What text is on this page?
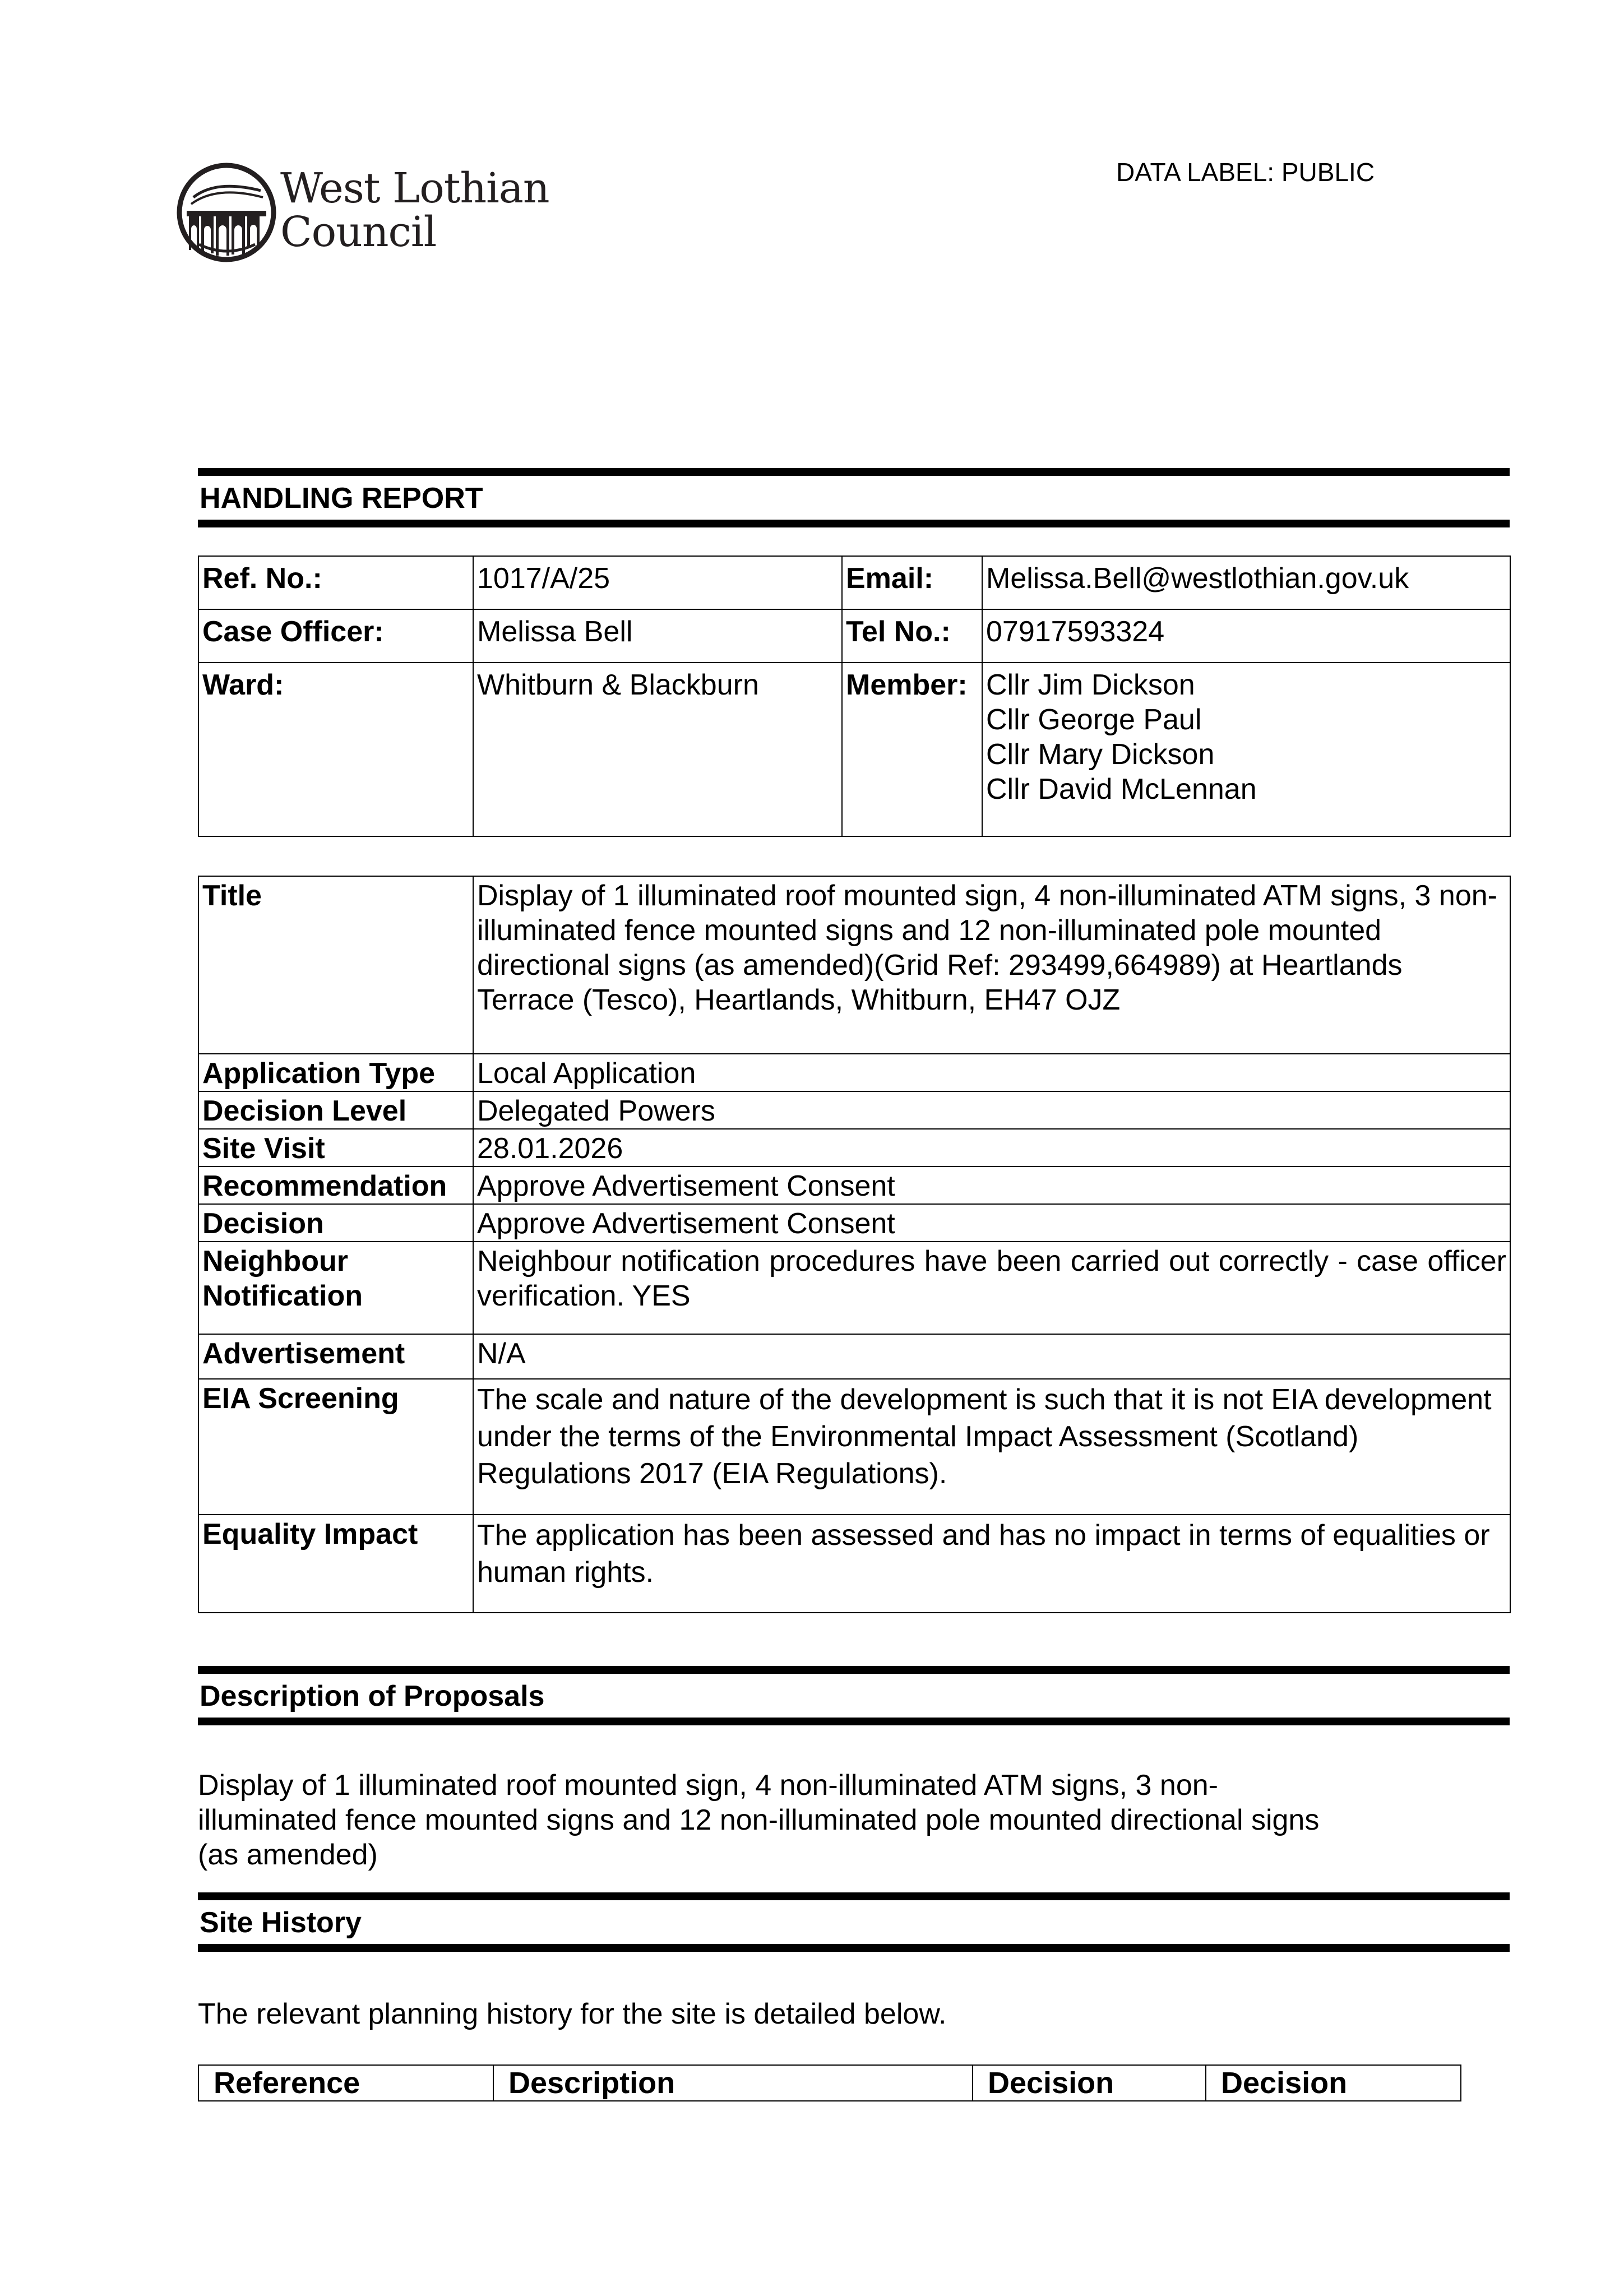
West Lothian
Council
DATA LABEL: PUBLIC
HANDLING REPORT
Ref. No.:	1017/A/25	Email:	Melissa.Bell@westlothian.gov.uk
Case Officer:	Melissa Bell	Tel No.:	07917593324
Ward:	Whitburn & Blackburn	Member:	Cllr Jim Dickson
Cllr George Paul
Cllr Mary Dickson
Cllr David McLennan
Title	Display of 1 illuminated roof mounted sign, 4 non-illuminated ATM signs, 3 non-illuminated fence mounted signs and 12 non-illuminated pole mounted directional signs (as amended)(Grid Ref: 293499,664989) at Heartlands Terrace (Tesco), Heartlands, Whitburn, EH47 OJZ
Application Type	Local Application
Decision Level	Delegated Powers
Site Visit	28.01.2026
Recommendation	Approve Advertisement Consent
Decision	Approve Advertisement Consent

Neighbour
Notification	Neighbour notification procedures have been carried out correctly - case officer verification. YES
Advertisement	N/A
EIA Screening	The scale and nature of the development is such that it is not EIA development under the terms of the Environmental Impact Assessment (Scotland) Regulations 2017 (EIA Regulations).
Equality Impact	The application has been assessed and has no impact in terms of equalities or human rights.
Description of Proposals
Display of 1 illuminated roof mounted sign, 4 non-illuminated ATM signs, 3 non-
illuminated fence mounted signs and 12 non-illuminated pole mounted directional signs
(as amended)
Site History
The relevant planning history for the site is detailed below.
Reference	Description	Decision	Decision
